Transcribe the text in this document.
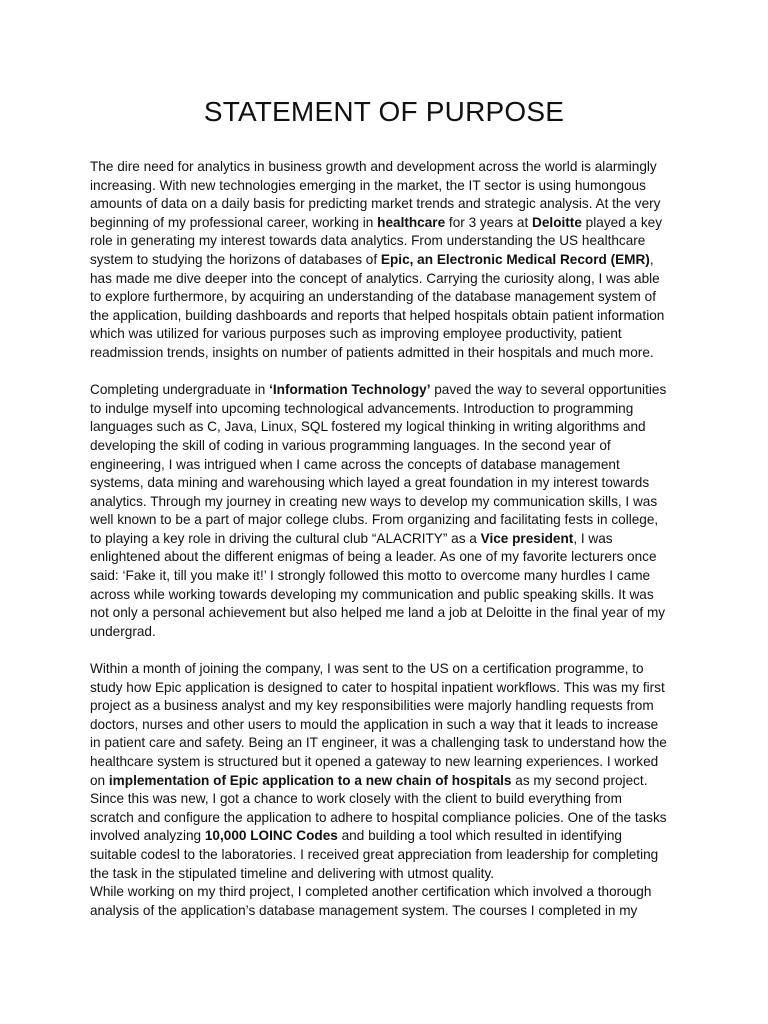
STATEMENT OF PURPOSE
The dire need for analytics in business growth and development across the world is alarmingly
increasing. With new technologies emerging in the market, the IT sector is using humongous
amounts of data on a daily basis for predicting market trends and strategic analysis. At the very
beginning of my professional career, working in healthcare for 3 years at Deloitte played a key
role in generating my interest towards data analytics. From understanding the US healthcare
system to studying the horizons of databases of Epic, an Electronic Medical Record (EMR),
has made me dive deeper into the concept of analytics. Carrying the curiosity along, I was able
to explore furthermore, by acquiring an understanding of the database management system of
the application, building dashboards and reports that helped hospitals obtain patient information
which was utilized for various purposes such as improving employee productivity, patient
readmission trends, insights on number of patients admitted in their hospitals and much more.
Completing undergraduate in ‘Information Technology’ paved the way to several opportunities
to indulge myself into upcoming technological advancements. Introduction to programming
languages such as C, Java, Linux, SQL fostered my logical thinking in writing algorithms and
developing the skill of coding in various programming languages. In the second year of
engineering, I was intrigued when I came across the concepts of database management
systems, data mining and warehousing which layed a great foundation in my interest towards
analytics. Through my journey in creating new ways to develop my communication skills, I was
well known to be a part of major college clubs. From organizing and facilitating fests in college,
to playing a key role in driving the cultural club “ALACRITY” as a Vice president, I was
enlightened about the different enigmas of being a leader. As one of my favorite lecturers once
said: ‘Fake it, till you make it!’ I strongly followed this motto to overcome many hurdles I came
across while working towards developing my communication and public speaking skills. It was
not only a personal achievement but also helped me land a job at Deloitte in the final year of my
undergrad.
Within a month of joining the company, I was sent to the US on a certification programme, to
study how Epic application is designed to cater to hospital inpatient workflows. This was my first
project as a business analyst and my key responsibilities were majorly handling requests from
doctors, nurses and other users to mould the application in such a way that it leads to increase
in patient care and safety. Being an IT engineer, it was a challenging task to understand how the
healthcare system is structured but it opened a gateway to new learning experiences. I worked
on implementation of Epic application to a new chain of hospitals as my second project.
Since this was new, I got a chance to work closely with the client to build everything from
scratch and configure the application to adhere to hospital compliance policies. One of the tasks
involved analyzing 10,000 LOINC Codes and building a tool which resulted in identifying
suitable codesl to the laboratories. I received great appreciation from leadership for completing
the task in the stipulated timeline and delivering with utmost quality.
While working on my third project, I completed another certification which involved a thorough
analysis of the application’s database management system. The courses I completed in my
